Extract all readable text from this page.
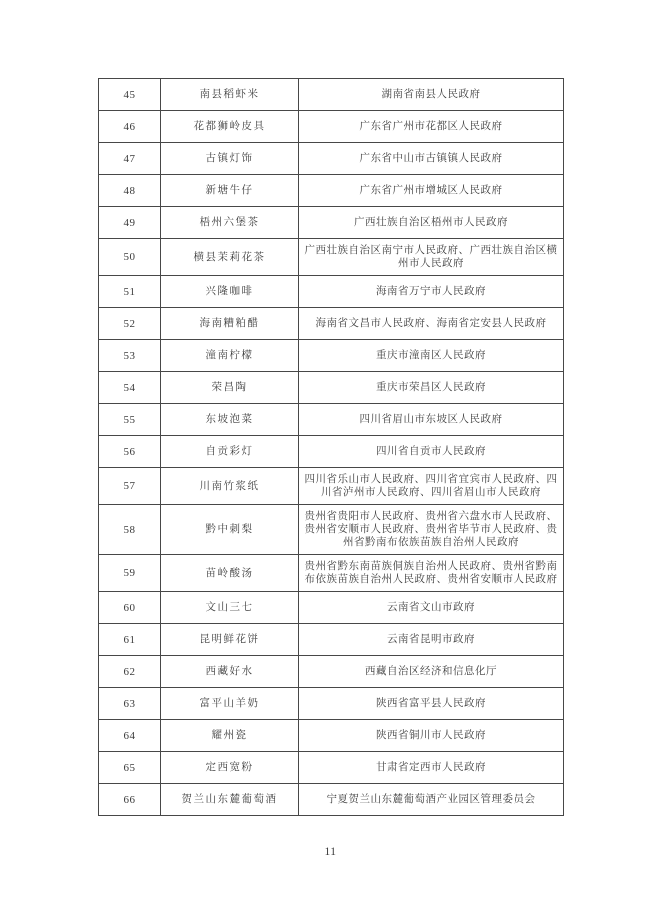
45	南县稻虾米	湖南省南县人民政府
46	花都狮岭皮具	广东省广州市花都区人民政府
47	古镇灯饰	广东省中山市古镇镇人民政府
48	新塘牛仔	广东省广州市增城区人民政府
49	梧州六堡茶	广西壮族自治区梧州市人民政府
50	横县茉莉花茶	广西壮族自治区南宁市人民政府、广西壮族自治区横州市人民政府
51	兴隆咖啡	海南省万宁市人民政府
52	海南糟粕醋	海南省文昌市人民政府、海南省定安县人民政府
53	潼南柠檬	重庆市潼南区人民政府
54	荣昌陶	重庆市荣昌区人民政府
55	东坡泡菜	四川省眉山市东坡区人民政府
56	自贡彩灯	四川省自贡市人民政府
57	川南竹浆纸	四川省乐山市人民政府、四川省宜宾市人民政府、四川省泸州市人民政府、四川省眉山市人民政府
58	黔中刺梨	贵州省贵阳市人民政府、贵州省六盘水市人民政府、贵州省安顺市人民政府、贵州省毕节市人民政府、贵州省黔南布依族苗族自治州人民政府
59	苗岭酸汤	贵州省黔东南苗族侗族自治州人民政府、贵州省黔南布依族苗族自治州人民政府、贵州省安顺市人民政府
60	文山三七	云南省文山市政府
61	昆明鲜花饼	云南省昆明市政府
62	西藏好水	西藏自治区经济和信息化厅
63	富平山羊奶	陕西省富平县人民政府
64	耀州瓷	陕西省铜川市人民政府
65	定西宽粉	甘肃省定西市人民政府
66	贺兰山东麓葡萄酒	宁夏贺兰山东麓葡萄酒产业园区管理委员会
11
